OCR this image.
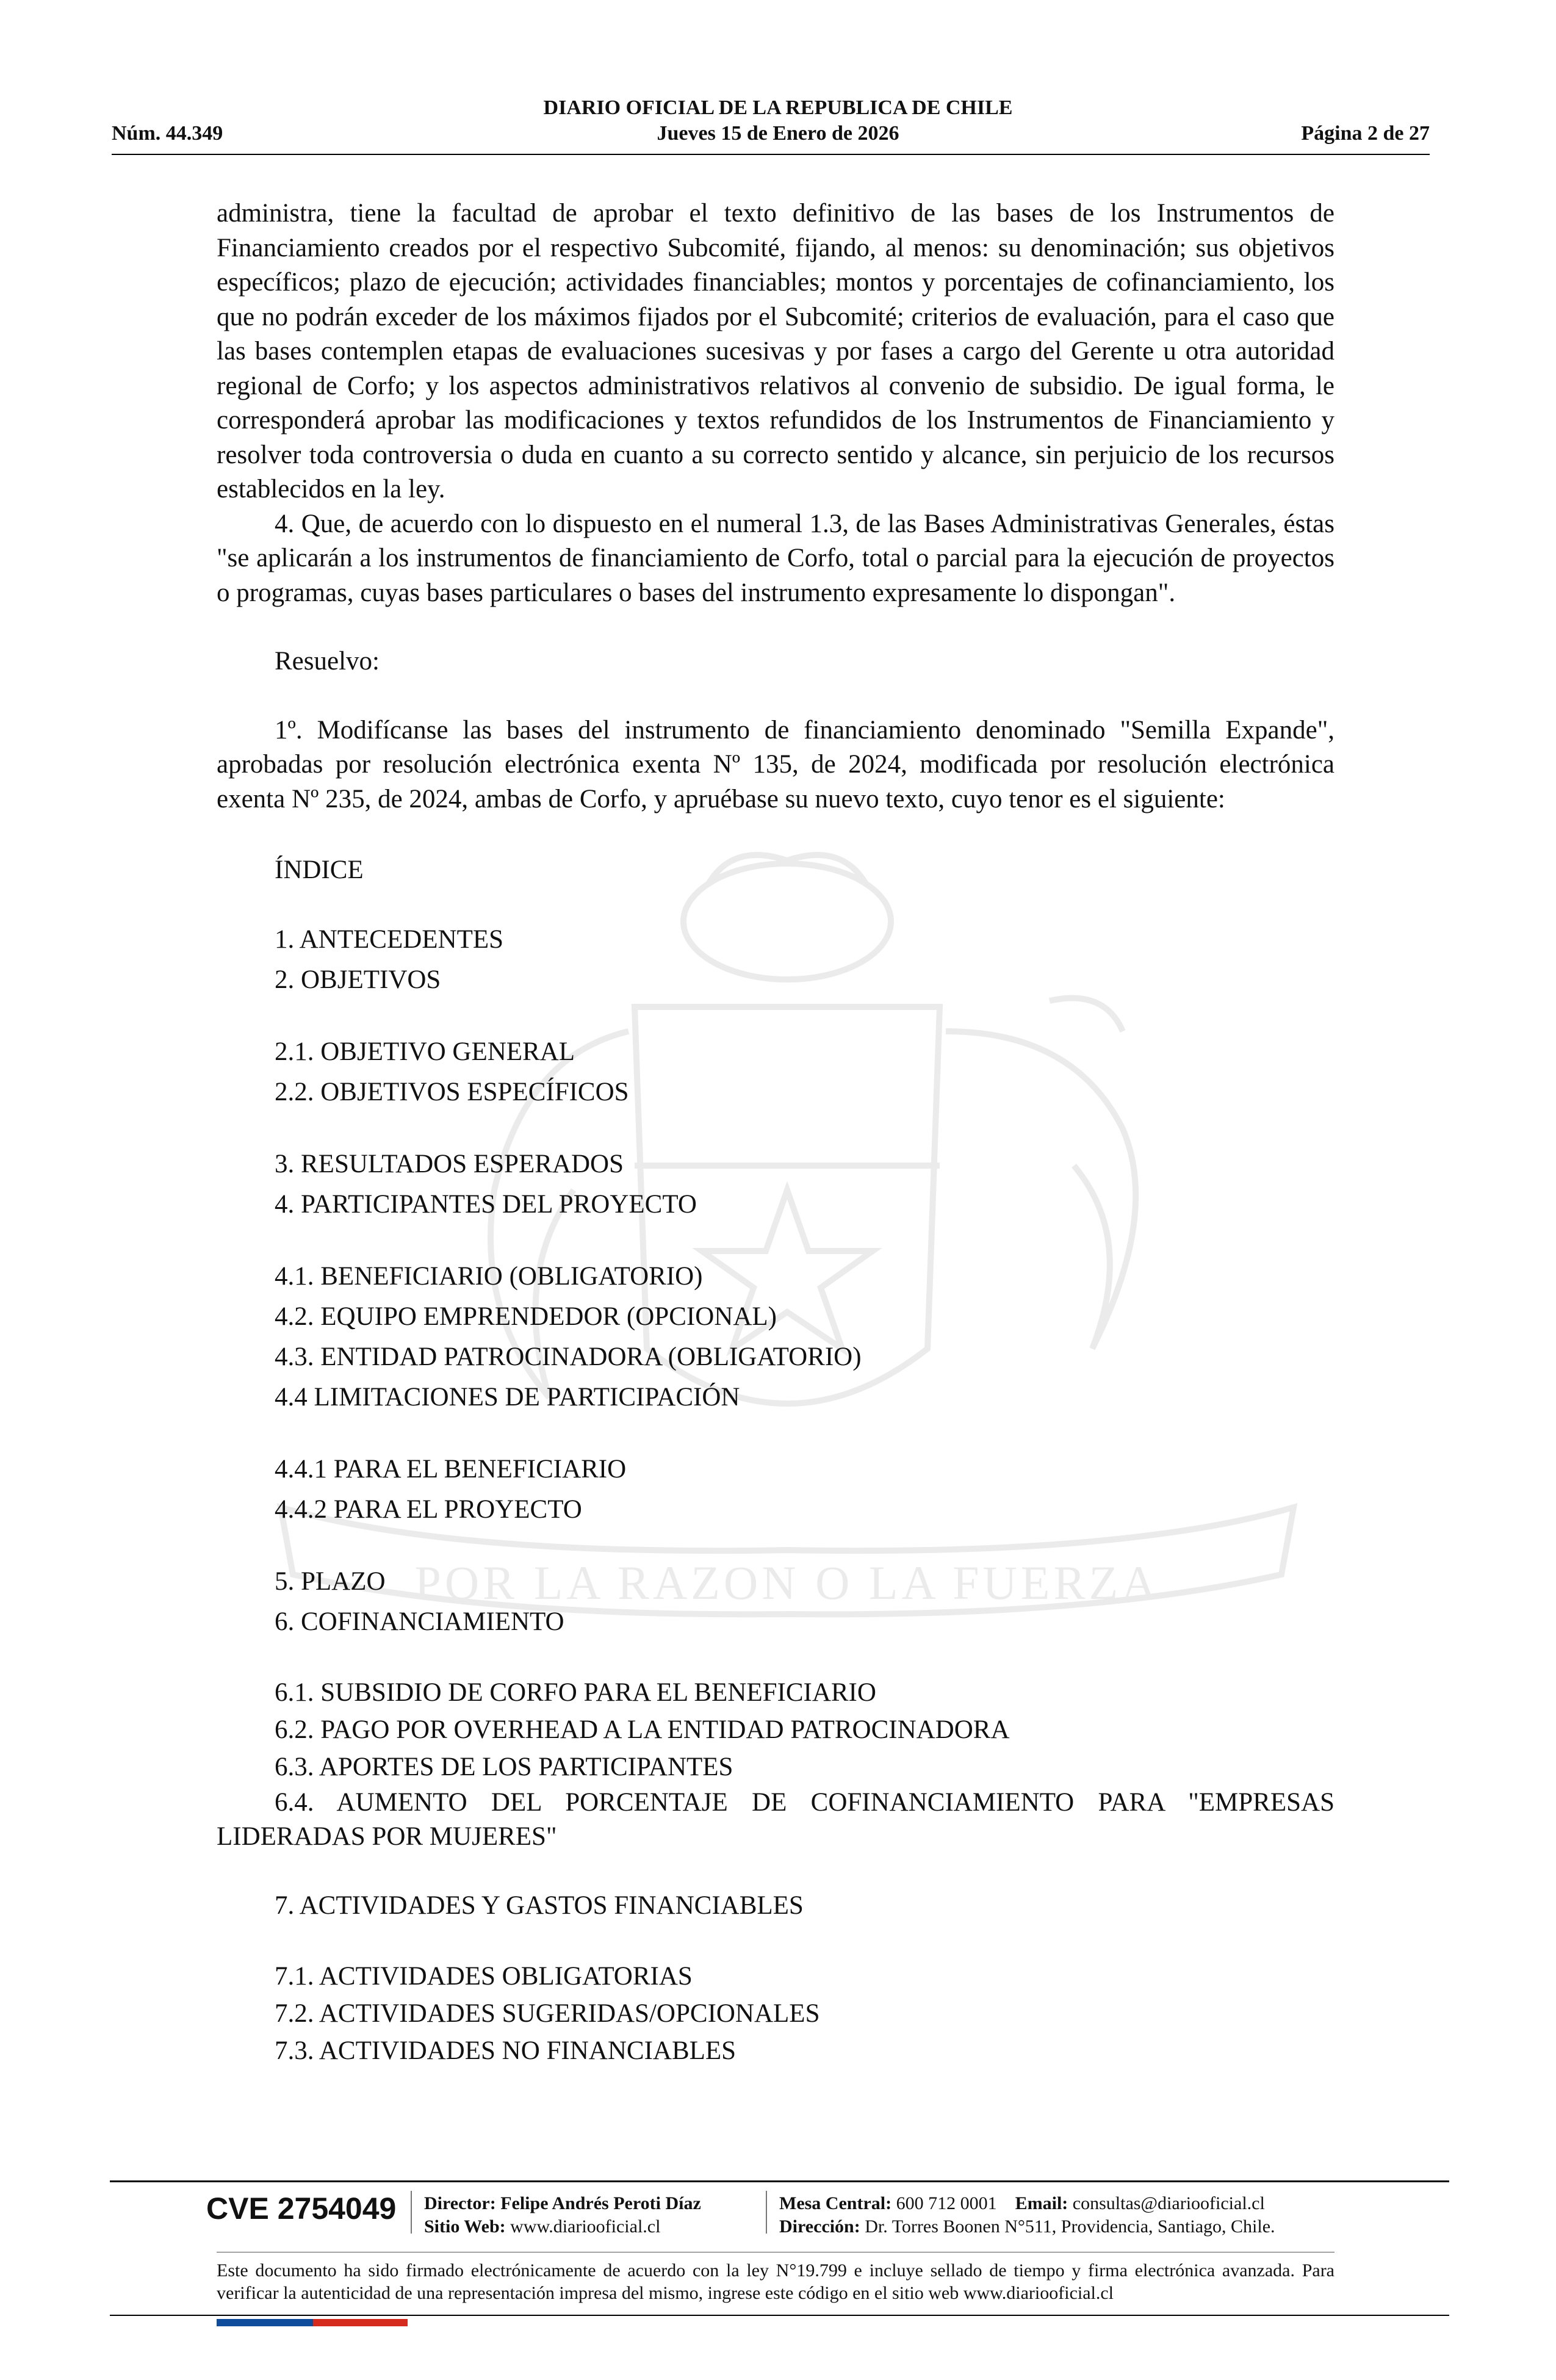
POR LA RAZON O LA FUERZA
DIARIO OFICIAL DE LA REPUBLICA DE CHILE
Jueves 15 de Enero de 2026
Núm. 44.349	Página 2 de 27

administra, tiene la facultad de aprobar el texto definitivo de las bases de los Instrumentos de Financiamiento creados por el respectivo Subcomité, fijando, al menos: su denominación; sus objetivos específicos; plazo de ejecución; actividades financiables; montos y porcentajes de cofinanciamiento, los que no podrán exceder de los máximos fijados por el Subcomité; criterios de evaluación, para el caso que las bases contemplen etapas de evaluaciones sucesivas y por fases a cargo del Gerente u otra autoridad regional de Corfo; y los aspectos administrativos relativos al convenio de subsidio. De igual forma, le corresponderá aprobar las modificaciones y textos refundidos de los Instrumentos de Financiamiento y resolver toda controversia o duda en cuanto a su correcto sentido y alcance, sin perjuicio de los recursos establecidos en la ley.

4. Que, de acuerdo con lo dispuesto en el numeral 1.3, de las Bases Administrativas Generales, éstas "se aplicarán a los instrumentos de financiamiento de Corfo, total o parcial para la ejecución de proyectos o programas, cuyas bases particulares o bases del instrumento expresamente lo dispongan".

Resuelvo:

1º. Modifícanse las bases del instrumento de financiamiento denominado "Semilla Expande", aprobadas por resolución electrónica exenta Nº 135, de 2024, modificada por resolución electrónica exenta Nº 235, de 2024, ambas de Corfo, y apruébase su nuevo texto, cuyo tenor es el siguiente:

ÍNDICE

1. ANTECEDENTES
2. OBJETIVOS
2.1. OBJETIVO GENERAL
2.2. OBJETIVOS ESPECÍFICOS
3. RESULTADOS ESPERADOS
4. PARTICIPANTES DEL PROYECTO
4.1. BENEFICIARIO (OBLIGATORIO)
4.2. EQUIPO EMPRENDEDOR (OPCIONAL)
4.3. ENTIDAD PATROCINADORA (OBLIGATORIO)
4.4 LIMITACIONES DE PARTICIPACIÓN
4.4.1 PARA EL BENEFICIARIO
4.4.2 PARA EL PROYECTO
5. PLAZO
6. COFINANCIAMIENTO
6.1. SUBSIDIO DE CORFO PARA EL BENEFICIARIO
6.2. PAGO POR OVERHEAD A LA ENTIDAD PATROCINADORA
6.3. APORTES DE LOS PARTICIPANTES

6.4. AUMENTO DEL PORCENTAJE DE COFINANCIAMIENTO PARA "EMPRESAS LIDERADAS POR MUJERES"

7. ACTIVIDADES Y GASTOS FINANCIABLES
7.1. ACTIVIDADES OBLIGATORIAS
7.2. ACTIVIDADES SUGERIDAS/OPCIONALES
7.3. ACTIVIDADES NO FINANCIABLES
CVE 2754049 Director: Felipe Andrés Peroti Díaz
Sitio Web: www.diariooficial.cl
Mesa Central: 600 712 0001 Email: consultas@diariooficial.cl
Dirección: Dr. Torres Boonen N°511, Providencia, Santiago, Chile.
Este documento ha sido firmado electrónicamente de acuerdo con la ley N°19.799 e incluye sellado de tiempo y firma electrónica avanzada. Para verificar la autenticidad de una representación impresa del mismo, ingrese este código en el sitio web www.diariooficial.cl
